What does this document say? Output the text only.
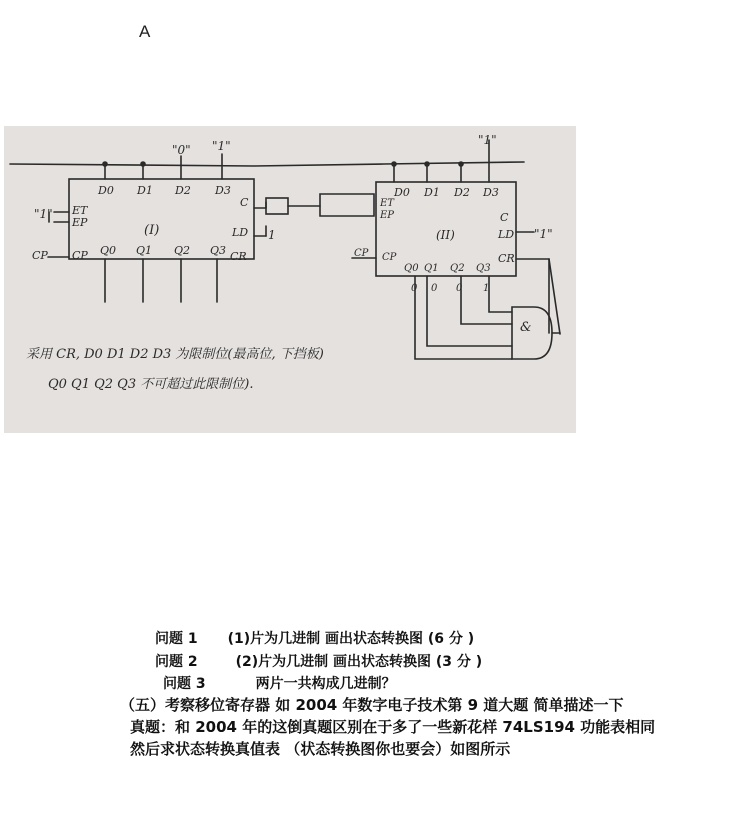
A
D0 D1 D2 D3
Q0 Q1 Q2 Q3
ET
EP
CP
CP
"1"
(I)
C
LD
CR
1
"0" "1"	"1"
D0 D1 D2 D3
ET
EP
CP
CP
(II)
C
LD
CR
"1"
Q0 Q1 Q2 Q3
0 0 0 1
&
采用 CR, D0 D1 D2 D3 为限制位(最高位, 下挡板)
Q0 Q1 Q2 Q3 不可超过此限制位).
问题 1 (1)片为几进制 画出状态转换图 (6 分 )
问题 2	(2)片为几进制 画出状态转换图 (3 分 )
问题 3	两片一共构成几进制？
（五）考察移位寄存器 如 2004 年数字电子技术第 9 道大题 简单描述一下
真题：和 2004 年的这倒真题区别在于多了一些新花样 74LS194 功能表相同
然后求状态转换真值表 （状态转换图你也要会）如图所示
